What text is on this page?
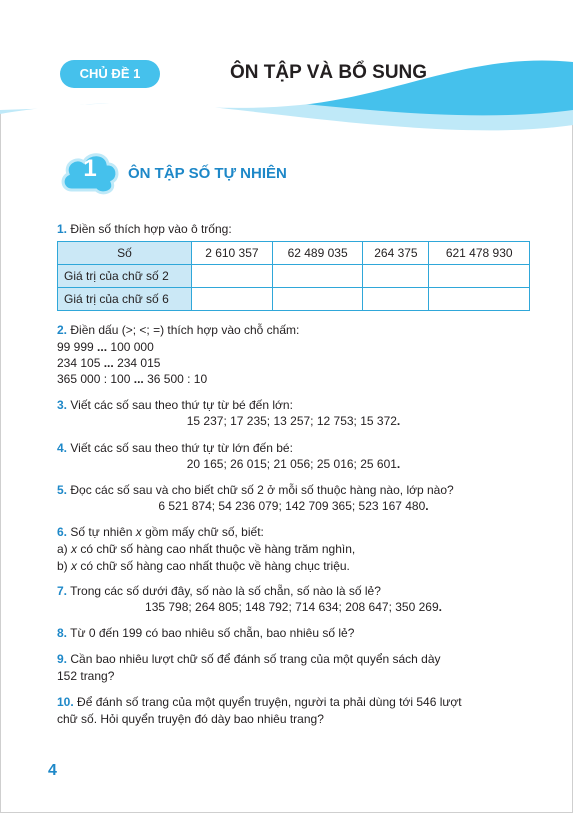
CHỦ ĐỀ 1	ÔN TẬP VÀ BỔ SUNG
1	ÔN TẬP SỐ TỰ NHIÊN
1. Điền số thích hợp vào ô trống:
Số	2 610 357	62 489 035	264 375	621 478 930
Giá trị của chữ số 2				
Giá trị của chữ số 6				
2. Điền dấu (>; <; =) thích hợp vào chỗ chấm:
99 999 ... 100 000
234 105 ... 234 015
365 000 : 100 ... 36 500 : 10
3. Viết các số sau theo thứ tự từ bé đến lớn:
15 237; 17 235; 13 257; 12 753; 15 372.
4. Viết các số sau theo thứ tự từ lớn đến bé:
20 165; 26 015; 21 056; 25 016; 25 601.
5. Đọc các số sau và cho biết chữ số 2 ở mỗi số thuộc hàng nào, lớp nào?
6 521 874; 54 236 079; 142 709 365; 523 167 480.
6. Số tự nhiên x gồm mấy chữ số, biết:
a) x có chữ số hàng cao nhất thuộc về hàng trăm nghìn,
b) x có chữ số hàng cao nhất thuộc về hàng chục triệu.
7. Trong các số dưới đây, số nào là số chẵn, số nào là số lẻ?
135 798; 264 805; 148 792; 714 634; 208 647; 350 269.
8. Từ 0 đến 199 có bao nhiêu số chẵn, bao nhiêu số lẻ?
9. Cần bao nhiêu lượt chữ số để đánh số trang của một quyển sách dày
152 trang?
10. Để đánh số trang của một quyển truyện, người ta phải dùng tới 546 lượt
chữ số. Hỏi quyển truyện đó dày bao nhiêu trang?
4
